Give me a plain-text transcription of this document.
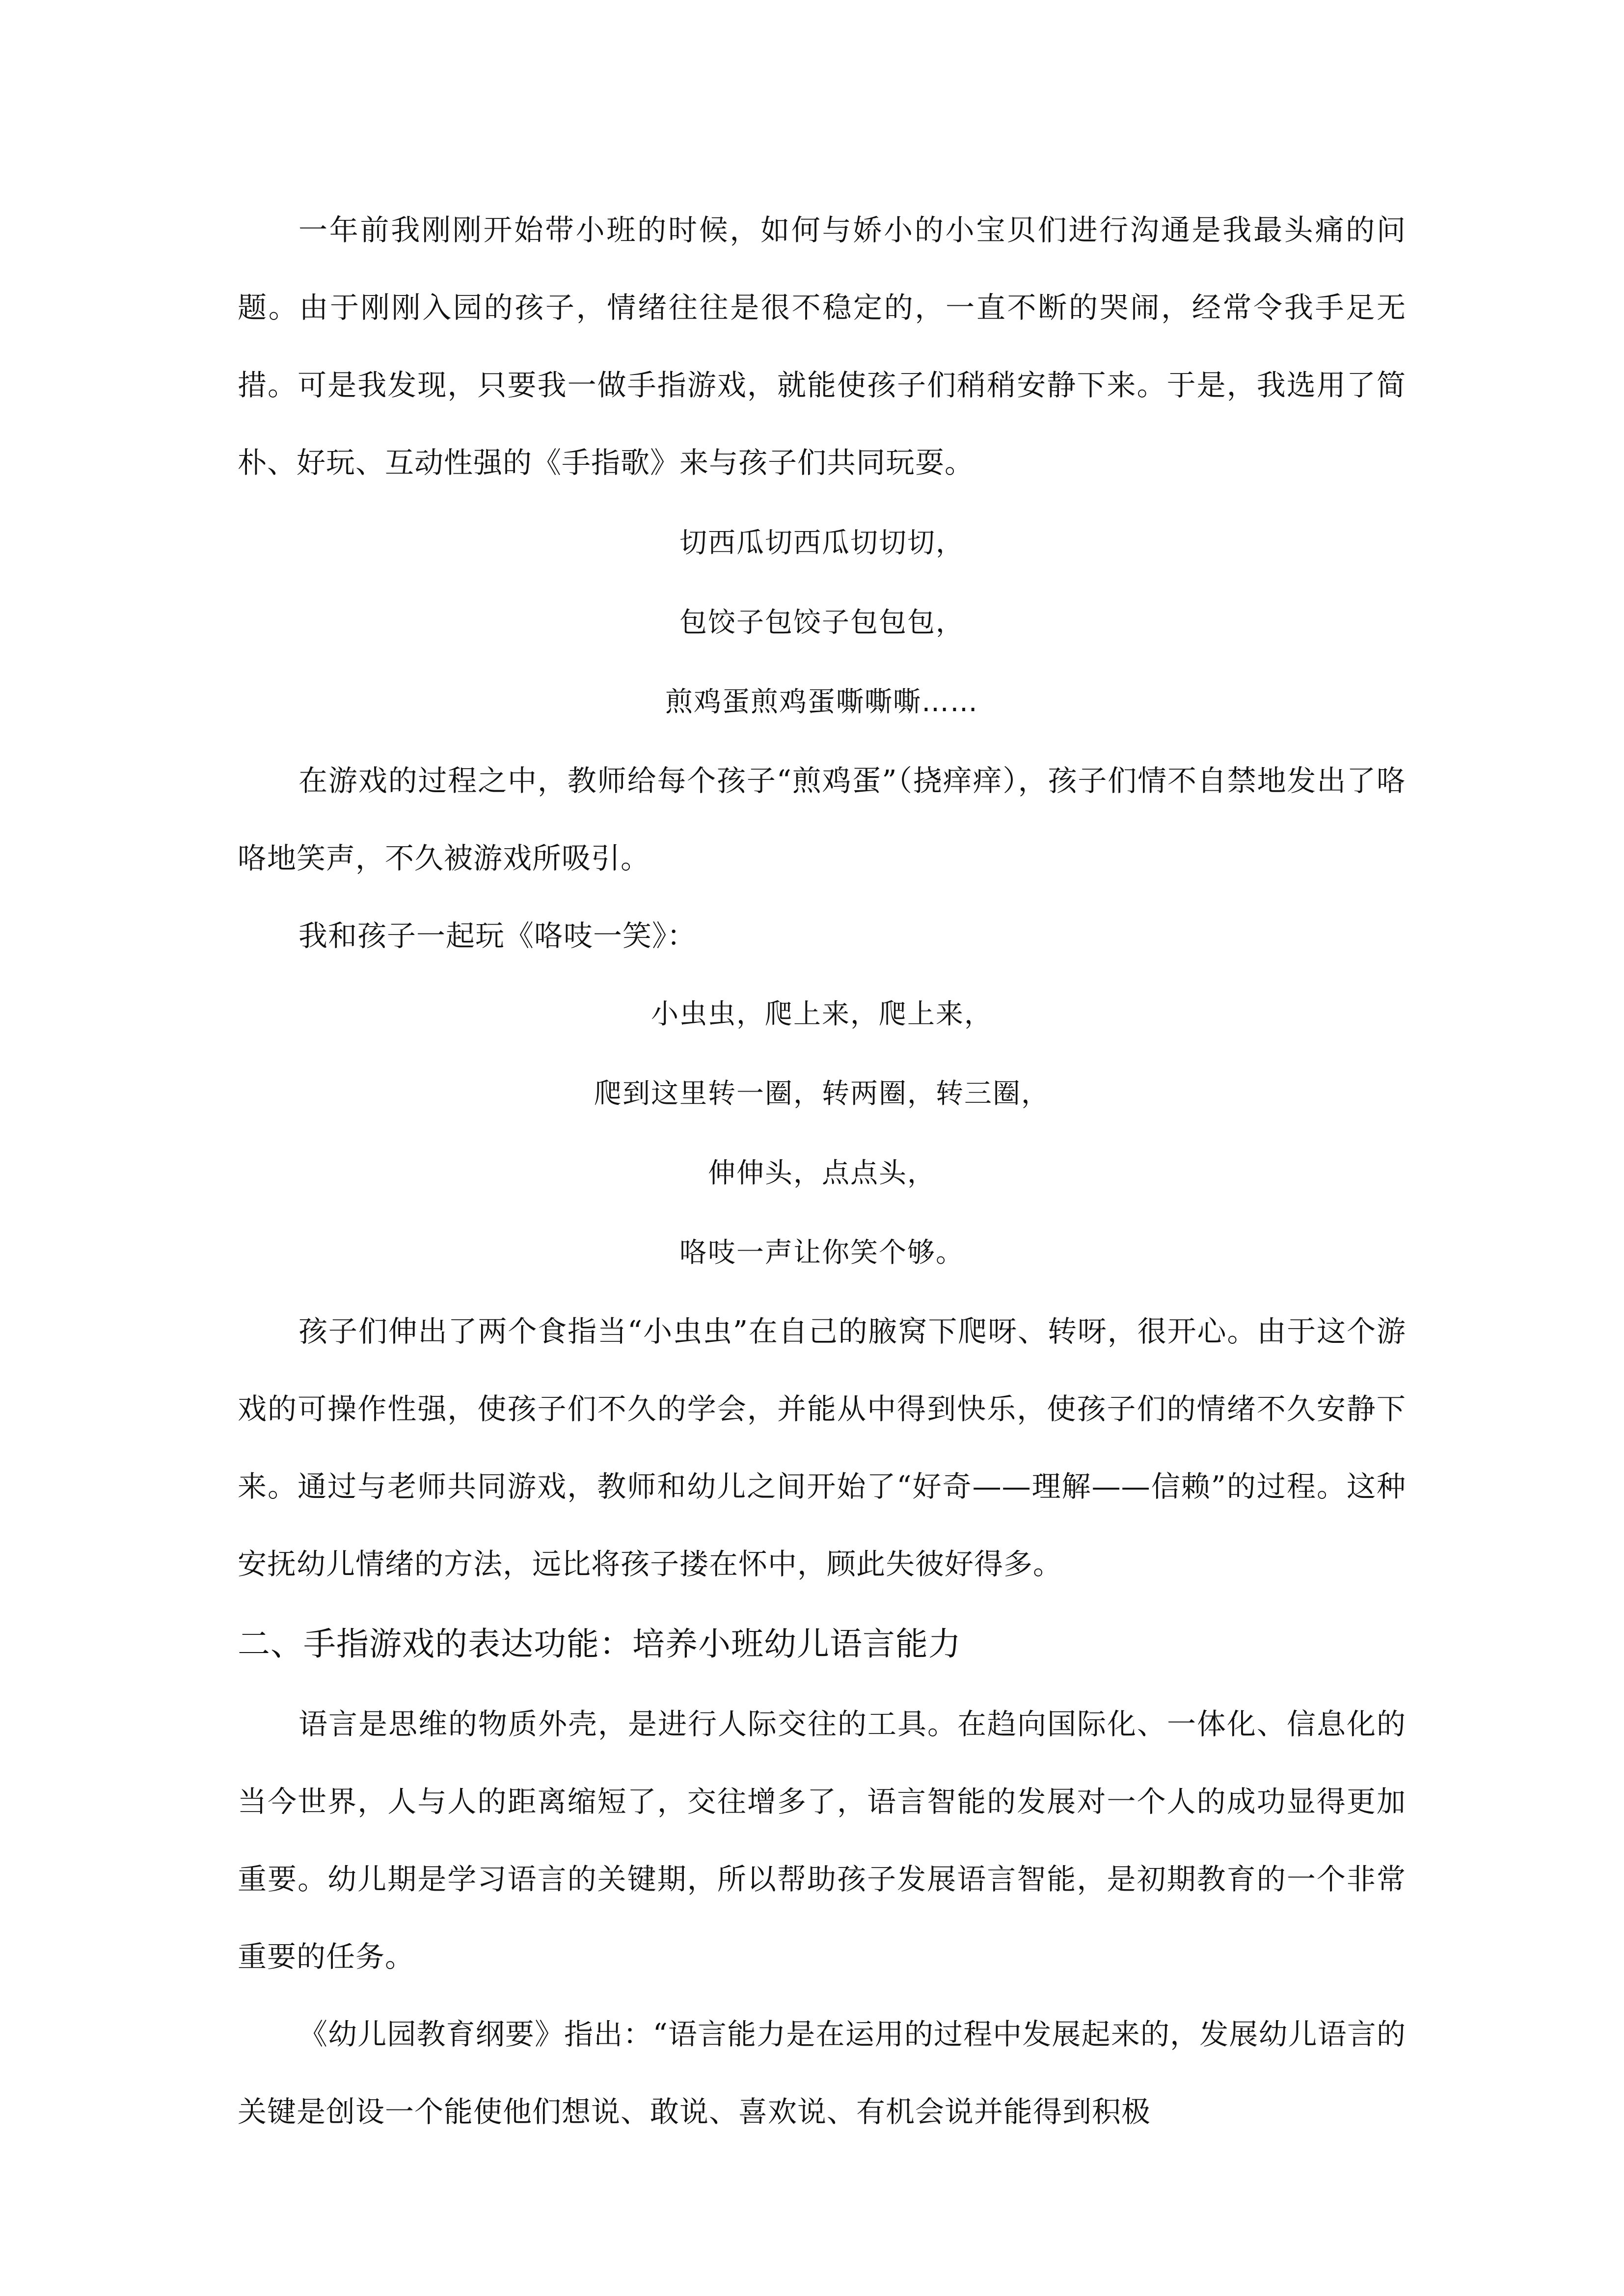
一年前我刚刚开始带小班的时候，如何与娇小的小宝贝们进行沟通是我最头痛的问题。由于刚刚入园的孩子，情绪往往是很不稳定的，一直不断的哭闹，经常令我手足无措。可是我发现，只要我一做手指游戏，就能使孩子们稍稍安静下来。于是，我选用了简朴、好玩、互动性强的《手指歌》来与孩子们共同玩耍。

切西瓜切西瓜切切切，
包饺子包饺子包包包，
煎鸡蛋煎鸡蛋嘶嘶嘶……

在游戏的过程之中，教师给每个孩子“煎鸡蛋”（挠痒痒），孩子们情不自禁地发出了咯咯地笑声，不久被游戏所吸引。

我和孩子一起玩《咯吱一笑》：

小虫虫，爬上来，爬上来，
爬到这里转一圈，转两圈，转三圈，
伸伸头，点点头，
咯吱一声让你笑个够。

孩子们伸出了两个食指当“小虫虫”在自己的腋窝下爬呀、转呀，很开心。由于这个游戏的可操作性强，使孩子们不久的学会，并能从中得到快乐，使孩子们的情绪不久安静下来。通过与老师共同游戏，教师和幼儿之间开始了“好奇——理解——信赖”的过程。这种安抚幼儿情绪的方法，远比将孩子搂在怀中，顾此失彼好得多。

二、手指游戏的表达功能：培养小班幼儿语言能力

语言是思维的物质外壳，是进行人际交往的工具。在趋向国际化、一体化、信息化的当今世界，人与人的距离缩短了，交往增多了，语言智能的发展对一个人的成功显得更加重要。幼儿期是学习语言的关键期，所以帮助孩子发展语言智能，是初期教育的一个非常重要的任务。

《幼儿园教育纲要》指出：“语言能力是在运用的过程中发展起来的，发展幼儿语言的关键是创设一个能使他们想说、敢说、喜欢说、有机会说并能得到积极
